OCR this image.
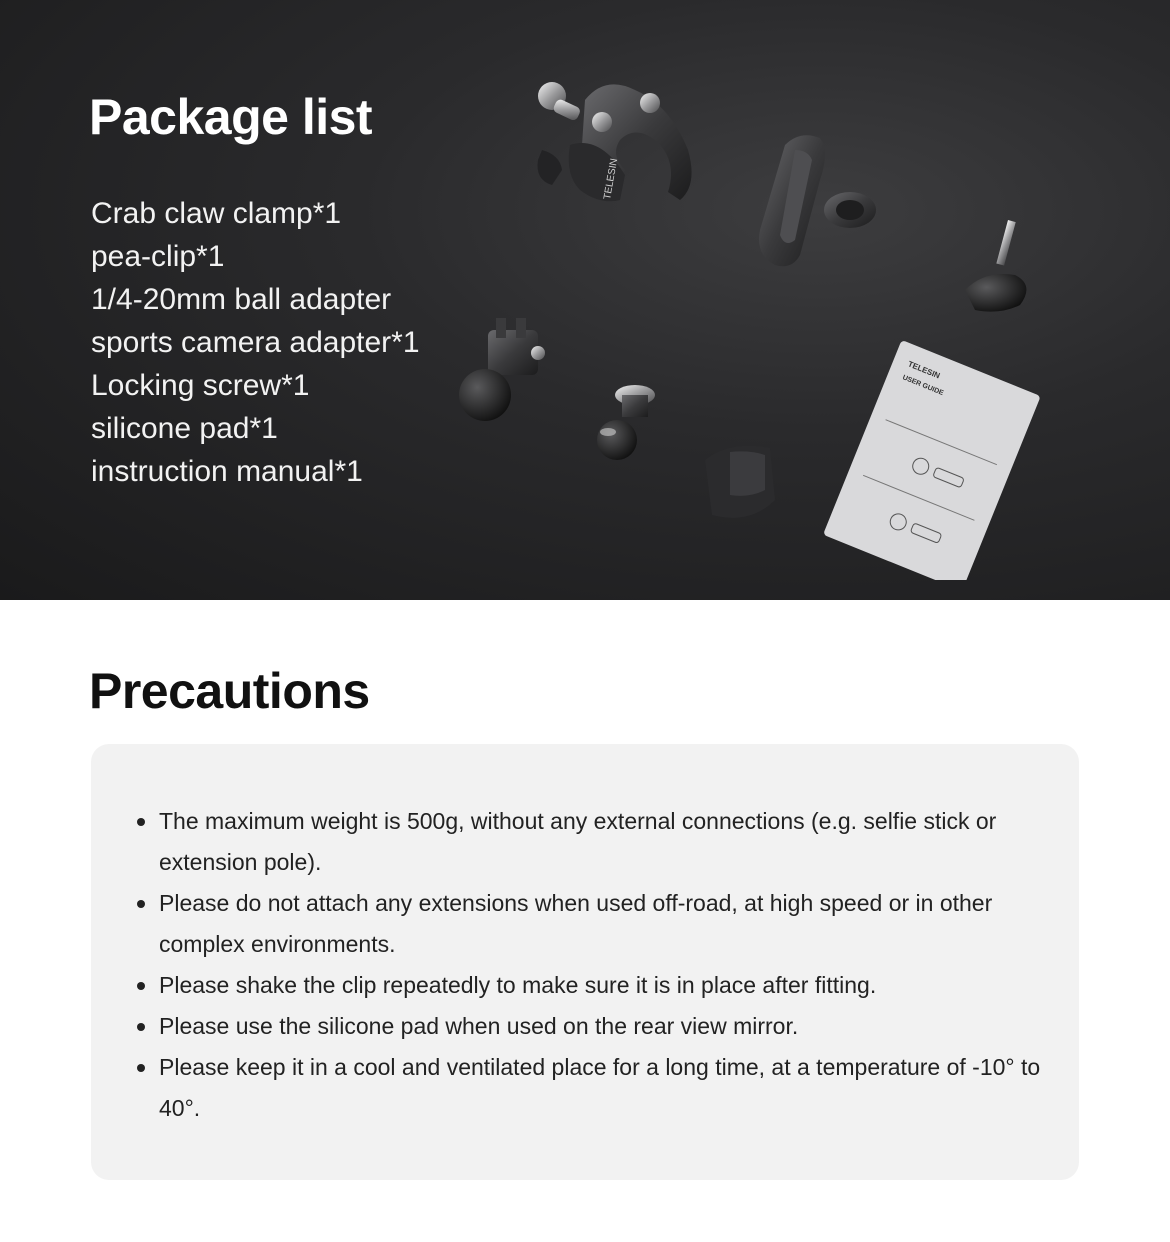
Package list
Crab claw clamp*1
pea-clip*1
1/4-20mm ball adapter
sports camera adapter*1
Locking screw*1
silicone pad*1
instruction manual*1
TELESIN
TELESIN
USER GUIDE
Precautions
The maximum weight is 500g, without any external connections (e.g. selfie stick or extension pole).
Please do not attach any extensions when used off-road, at high speed or in other complex environments.
Please shake the clip repeatedly to make sure it is in place after fitting.
Please use the silicone pad when used on the rear view mirror.
Please keep it in a cool and ventilated place for a long time, at a temperature of -10° to 40°.
